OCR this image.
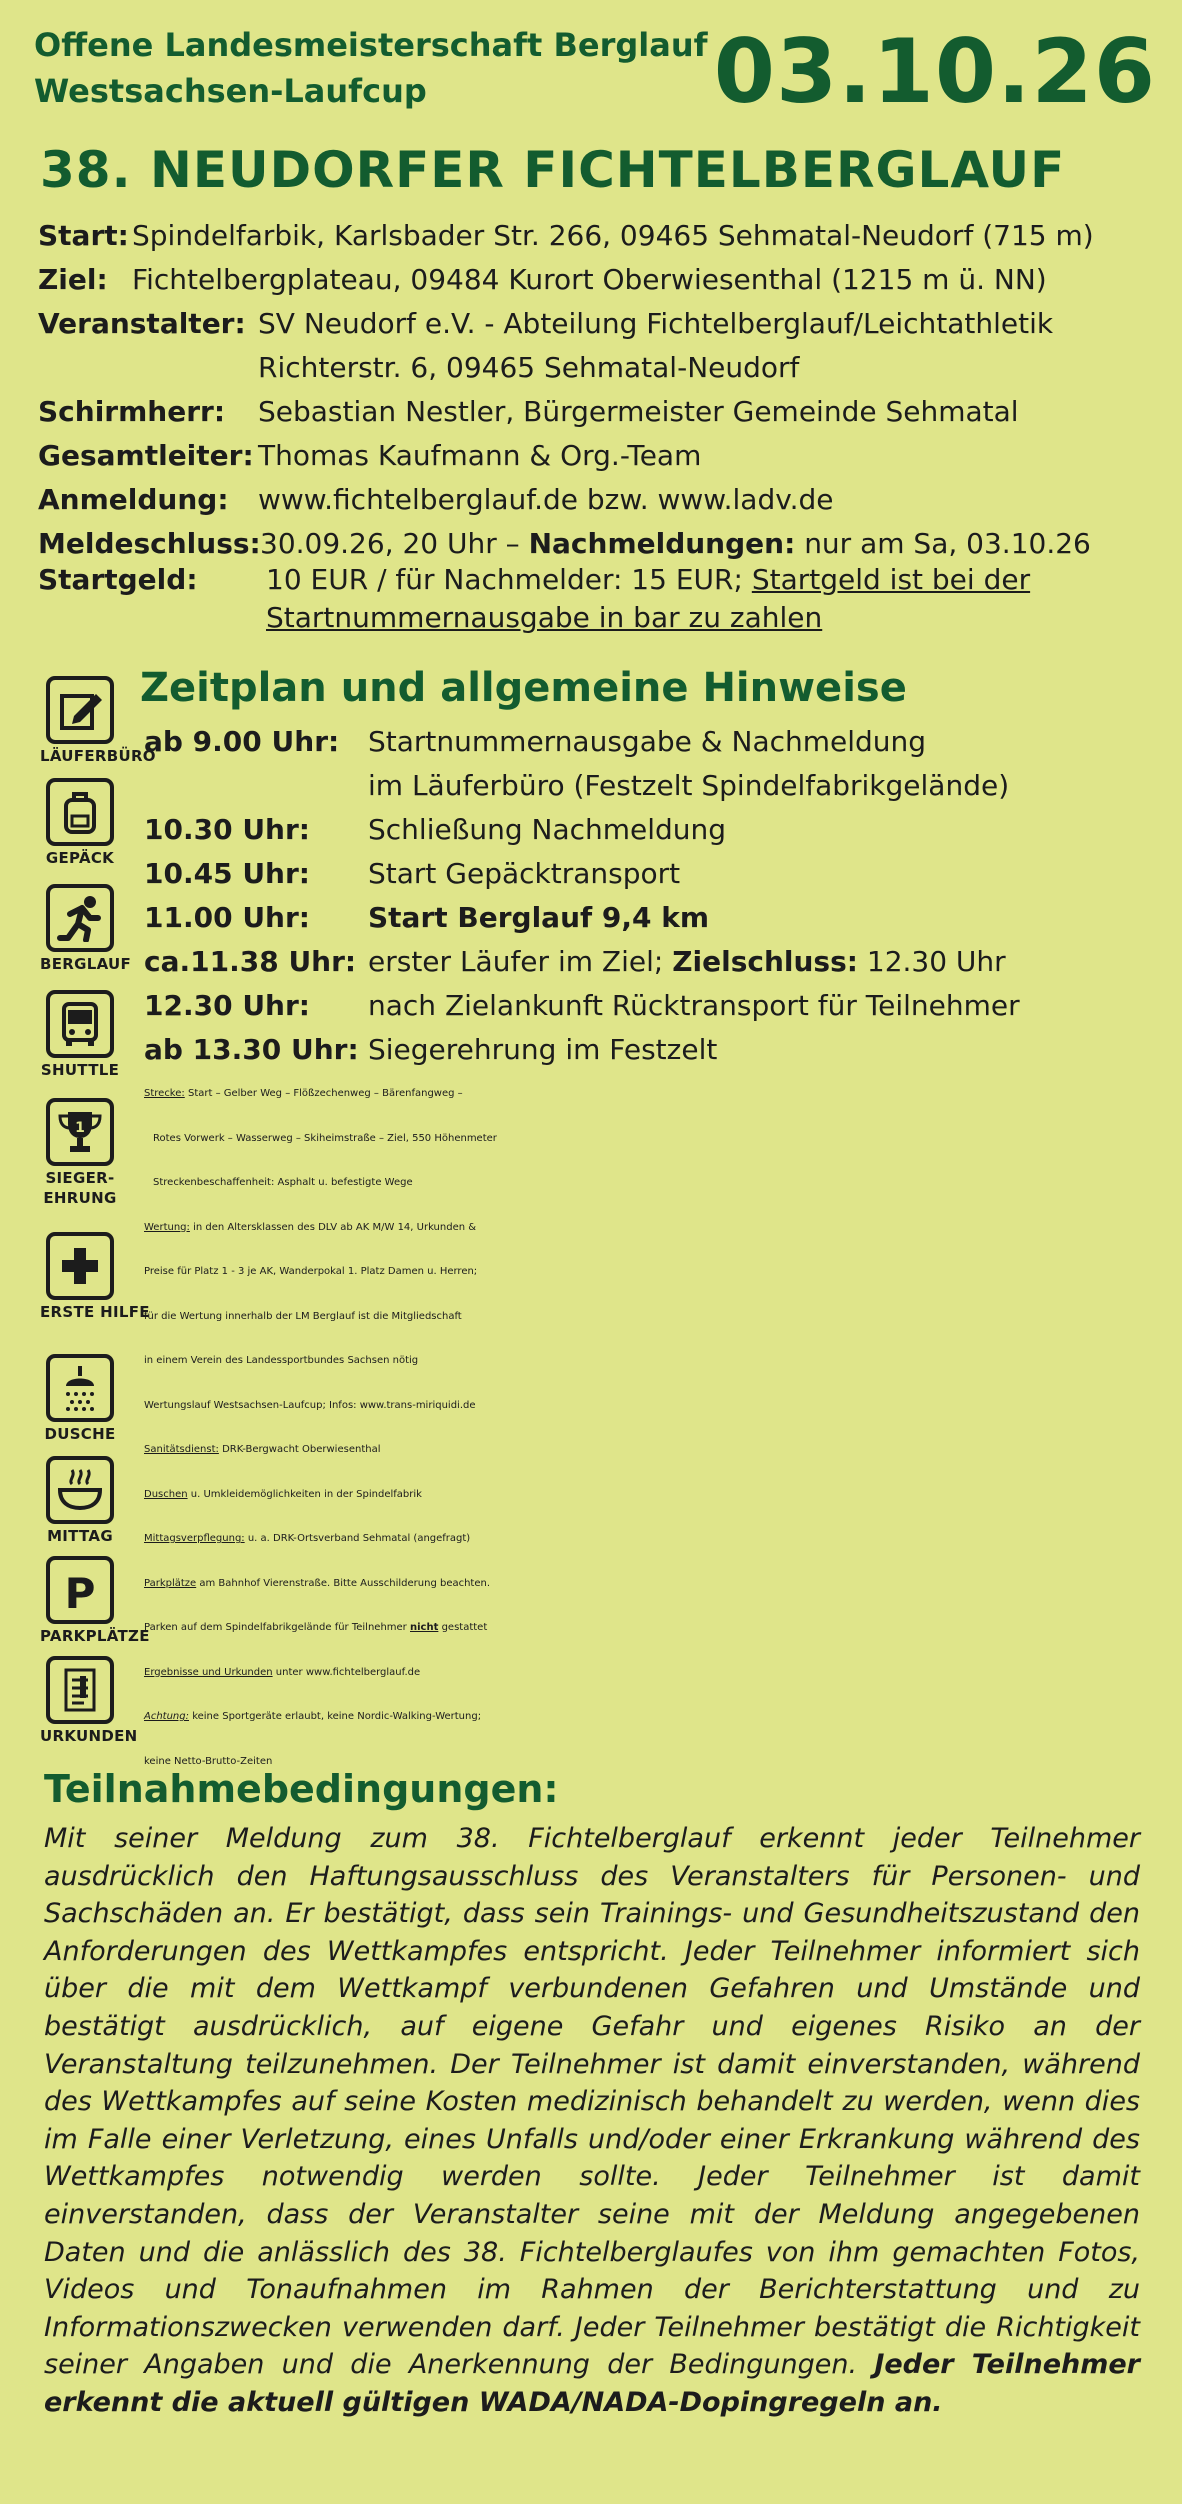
Offene Landesmeisterschaft Berglauf
Westsachsen-Laufcup	03.10.26
38. NEUDORFER FICHTELBERGLAUF
Start: Spindelfarbik, Karlsbader Str. 266, 09465 Sehmatal-Neudorf (715 m)
Ziel: Fichtelbergplateau, 09484 Kurort Oberwiesenthal (1215 m ü. NN)
Veranstalter: SV Neudorf e.V. - Abteilung Fichtelberglauf/Leichtathletik
Richterstr. 6, 09465 Sehmatal-Neudorf
Schirmherr: Sebastian Nestler, Bürgermeister Gemeinde Sehmatal
Gesamtleiter: Thomas Kaufmann & Org.-Team
Anmeldung: www.fichtelberglauf.de bzw. www.ladv.de
Meldeschluss: 30.09.26, 20 Uhr – Nachmeldungen: nur am Sa, 03.10.26
Startgeld: 10 EUR / für Nachmelder: 15 EUR; Startgeld ist bei der
Startnummernausgabe in bar zu zahlen
Zeitplan und allgemeine Hinweise
LÄUFERBÜRO
GEPÄCK
BERGLAUF
SHUTTLE
1
SIEGER-
EHRUNG
ERSTE HILFE
DUSCHE
MITTAG
P
PARKPLÄTZE
URKUNDEN
ab 9.00 Uhr: Startnummernausgabe & Nachmeldung
im Läuferbüro (Festzelt Spindelfabrikgelände)
10.30 Uhr: Schließung Nachmeldung
10.45 Uhr: Start Gepäcktransport
11.00 Uhr: Start Berglauf 9,4 km
ca.11.38 Uhr: erster Läufer im Ziel; Zielschluss: 12.30 Uhr
12.30 Uhr: nach Zielankunft Rücktransport für Teilnehmer
ab 13.30 Uhr: Siegerehrung im Festzelt
Strecke: Start – Gelber Weg – Flößzechenweg – Bärenfangweg –
Rotes Vorwerk – Wasserweg – Skiheimstraße – Ziel, 550 Höhenmeter
Streckenbeschaffenheit: Asphalt u. befestigte Wege
Wertung: in den Altersklassen des DLV ab AK M/W 14, Urkunden &
Preise für Platz 1 - 3 je AK, Wanderpokal 1. Platz Damen u. Herren;
für die Wertung innerhalb der LM Berglauf ist die Mitgliedschaft
in einem Verein des Landessportbundes Sachsen nötig
Wertungslauf Westsachsen-Laufcup; Infos: www.trans-miriquidi.de
Sanitätsdienst: DRK-Bergwacht Oberwiesenthal
Duschen u. Umkleidemöglichkeiten in der Spindelfabrik
Mittagsverpflegung: u. a. DRK-Ortsverband Sehmatal (angefragt)
Parkplätze am Bahnhof Vierenstraße. Bitte Ausschilderung beachten.
Parken auf dem Spindelfabrikgelände für Teilnehmer nicht gestattet
Ergebnisse und Urkunden unter www.fichtelberglauf.de
Achtung: keine Sportgeräte erlaubt, keine Nordic-Walking-Wertung;
keine Netto-Brutto-Zeiten
Teilnahmebedingungen:
Mit seiner Meldung zum 38. Fichtelberglauf erkennt jeder Teilnehmer ausdrücklich den Haftungsausschluss des Veranstalters für Personen- und Sachschäden an. Er bestätigt, dass sein Trainings- und Gesundheitszustand den Anforderungen des Wettkampfes entspricht. Jeder Teilnehmer informiert sich über die mit dem Wettkampf verbundenen Gefahren und Umstände und bestätigt ausdrücklich, auf eigene Gefahr und eigenes Risiko an der Veranstaltung teilzunehmen. Der Teilnehmer ist damit einverstanden, während des Wettkampfes auf seine Kosten medizinisch behandelt zu werden, wenn dies im Falle einer Verletzung, eines Unfalls und/oder einer Erkrankung während des Wettkampfes notwendig werden sollte. Jeder Teilnehmer ist damit einverstanden, dass der Veranstalter seine mit der Meldung angegebenen Daten und die anlässlich des 38. Fichtelberglaufes von ihm gemachten Fotos, Videos und Tonaufnahmen im Rahmen der Berichterstattung und zu Informationszwecken verwenden darf. Jeder Teilnehmer bestätigt die Richtigkeit seiner Angaben und die Anerkennung der Bedingungen. Jeder Teilnehmer erkennt die aktuell gültigen WADA/NADA-Dopingregeln an.
